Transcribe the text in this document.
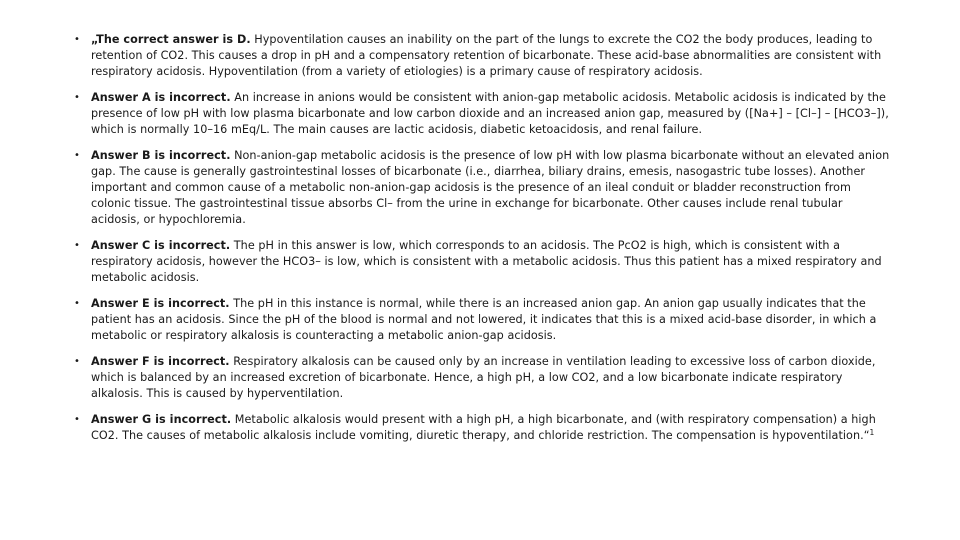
• „The correct answer is D. Hypoventilation causes an inability on the part of the lungs to excrete the CO2 the body produces, leading to retention of CO2. This causes a drop in pH and a compensatory retention of bicarbonate. These acid-base abnormalities are consistent with respiratory acidosis. Hypoventilation (from a variety of etiologies) is a primary cause of respiratory acidosis.
• Answer A is incorrect. An increase in anions would be consistent with anion-gap metabolic acidosis. Metabolic acidosis is indicated by the presence of low pH with low plasma bicarbonate and low carbon dioxide and an increased anion gap, measured by ([Na+] – [Cl–] – [HCO3–]), which is normally 10–16 mEq/L. The main causes are lactic acidosis, diabetic ketoacidosis, and renal failure.
• Answer B is incorrect. Non-anion-gap metabolic acidosis is the presence of low pH with low plasma bicarbonate without an elevated anion gap. The cause is generally gastrointestinal losses of bicarbonate (i.e., diarrhea, biliary drains, emesis, nasogastric tube losses). Another important and common cause of a metabolic non-anion-gap acidosis is the presence of an ileal conduit or bladder reconstruction from colonic tissue. The gastrointestinal tissue absorbs Cl– from the urine in exchange for bicarbonate. Other causes include renal tubular acidosis, or hypochloremia.
• Answer C is incorrect. The pH in this answer is low, which corresponds to an acidosis. The PcO2 is high, which is consistent with a respiratory acidosis, however the HCO3– is low, which is consistent with a metabolic acidosis. Thus this patient has a mixed respiratory and metabolic acidosis.
• Answer E is incorrect. The pH in this instance is normal, while there is an increased anion gap. An anion gap usually indicates that the patient has an acidosis. Since the pH of the blood is normal and not lowered, it indicates that this is a mixed acid-base disorder, in which a metabolic or respiratory alkalosis is counteracting a metabolic anion-gap acidosis.
• Answer F is incorrect. Respiratory alkalosis can be caused only by an increase in ventilation leading to excessive loss of carbon dioxide, which is balanced by an increased excretion of bicarbonate. Hence, a high pH, a low CO2, and a low bicarbonate indicate respiratory alkalosis. This is caused by hyperventilation.
• Answer G is incorrect. Metabolic alkalosis would present with a high pH, a high bicarbonate, and (with respiratory compensation) a high CO2. The causes of metabolic alkalosis include vomiting, diuretic therapy, and chloride restriction. The compensation is hypoventilation.“$^1$
